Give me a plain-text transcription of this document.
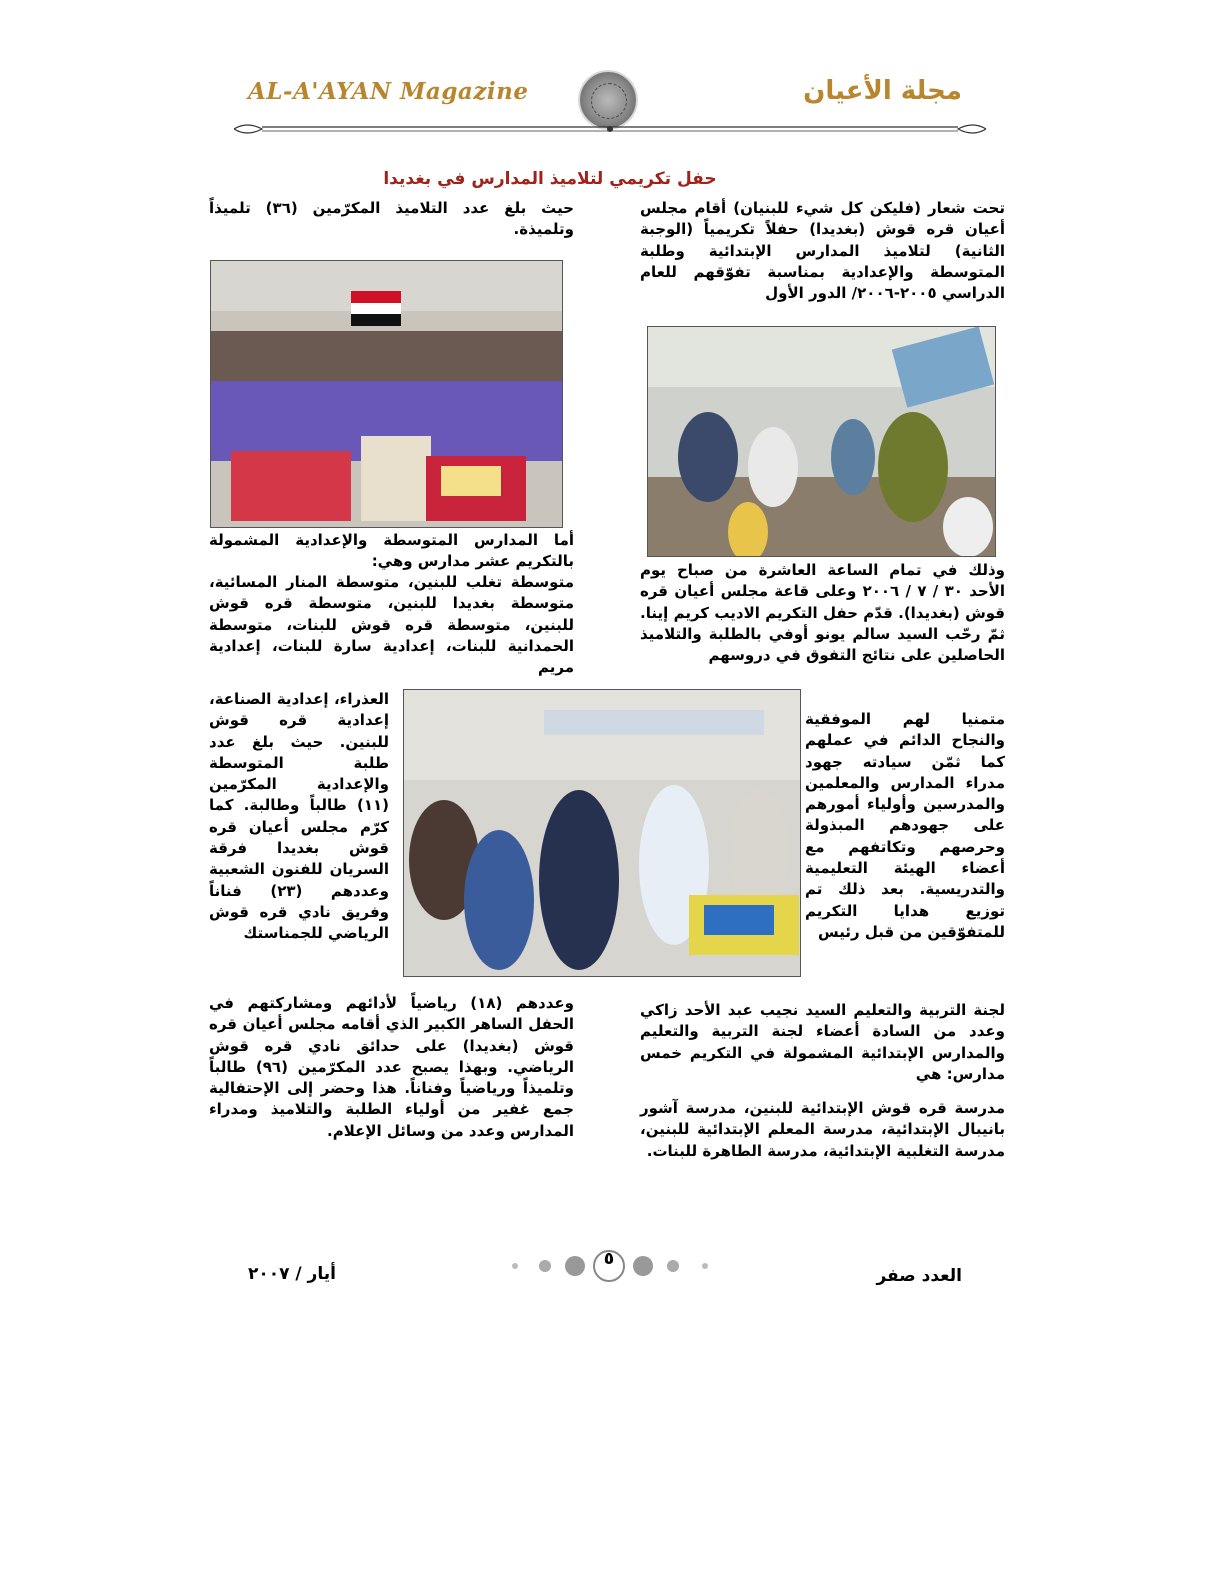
AL-A'AYAN Magazine	مجلة الأعيان
حفل تكريمي لتلاميذ المدارس في بغديدا

تحت شعار (فليكن كل شيء للبنيان) أقام مجلس أعيان قره قوش (بغديدا) حفلاً تكريمياً (الوجبة الثانية) لتلاميذ المدارس الإبتدائية وطلبة المتوسطة والإعدادية بمناسبة تفوّقهم للعام الدراسي ٢٠٠٥-٢٠٠٦/ الدور الأول

وذلك في تمام الساعة العاشرة من صباح يوم الأحد ٣٠ / ٧ / ٢٠٠٦ وعلى قاعة مجلس أعيان قره قوش (بغديدا). قدّم حفل التكريم الاديب كريم إينا. ثمّ رحّب السيد سالم يونو أوفي بالطلبة والتلاميذ الحاصلين على نتائج التفوق في دروسهم

متمنيا لهم الموفقية والنجاح الدائم في عملهم كما ثمّن سيادته جهود مدراء المدارس والمعلمين والمدرسين وأولياء أمورهم على جهودهم المبذولة وحرصهم وتكاتفهم مع أعضاء الهيئة التعليمية والتدريسية. بعد ذلك تم توزيع هدايا التكريم للمتفوّقين من قبل رئيس

لجنة التربية والتعليم السيد نجيب عبد الأحد زاكي وعدد من السادة أعضاء لجنة التربية والتعليم والمدارس الإبتدائية المشمولة في التكريم خمس مدارس: هي

مدرسة قره قوش الإبتدائية للبنين، مدرسة آشور بانيبال الإبتدائية، مدرسة المعلم الإبتدائية للبنين، مدرسة التغلبية الإبتدائية، مدرسة الطاهرة للبنات.

حيث بلغ عدد التلاميذ المكرّمين (٣٦) تلميذاً وتلميذة.

أما المدارس المتوسطة والإعدادية المشمولة بالتكريم عشر مدارس وهي:

متوسطة تغلب للبنين، متوسطة المنار المسائية، متوسطة بغديدا للبنين، متوسطة قره قوش للبنين، متوسطة قره قوش للبنات، متوسطة الحمدانية للبنات، إعدادية سارة للبنات، إعدادية مريم

العذراء، إعدادية الصناعة، إعدادية قره قوش للبنين. حيث بلغ عدد طلبة المتوسطة والإعدادية المكرّمين (١١) طالباً وطالبة. كما كرّم مجلس أعيان قره قوش بغديدا فرقة السريان للفنون الشعبية وعددهم (٢٣) فناناً وفريق نادي قره قوش الرياضي للجمناستك

وعددهم (١٨) رياضياً لأدائهم ومشاركتهم في الحفل الساهر الكبير الذي أقامه مجلس أعيان قره قوش (بغديدا) على حدائق نادي قره قوش الرياضي. وبهذا يصبح عدد المكرّمين (٩٦) طالباً وتلميذاً ورياضياً وفناناً. هذا وحضر إلى الإحتفالية جمع غفير من أولياء الطلبة والتلاميذ ومدراء المدارس وعدد من وسائل الإعلام.

العدد صفر
٥
أيار / ٢٠٠٧
